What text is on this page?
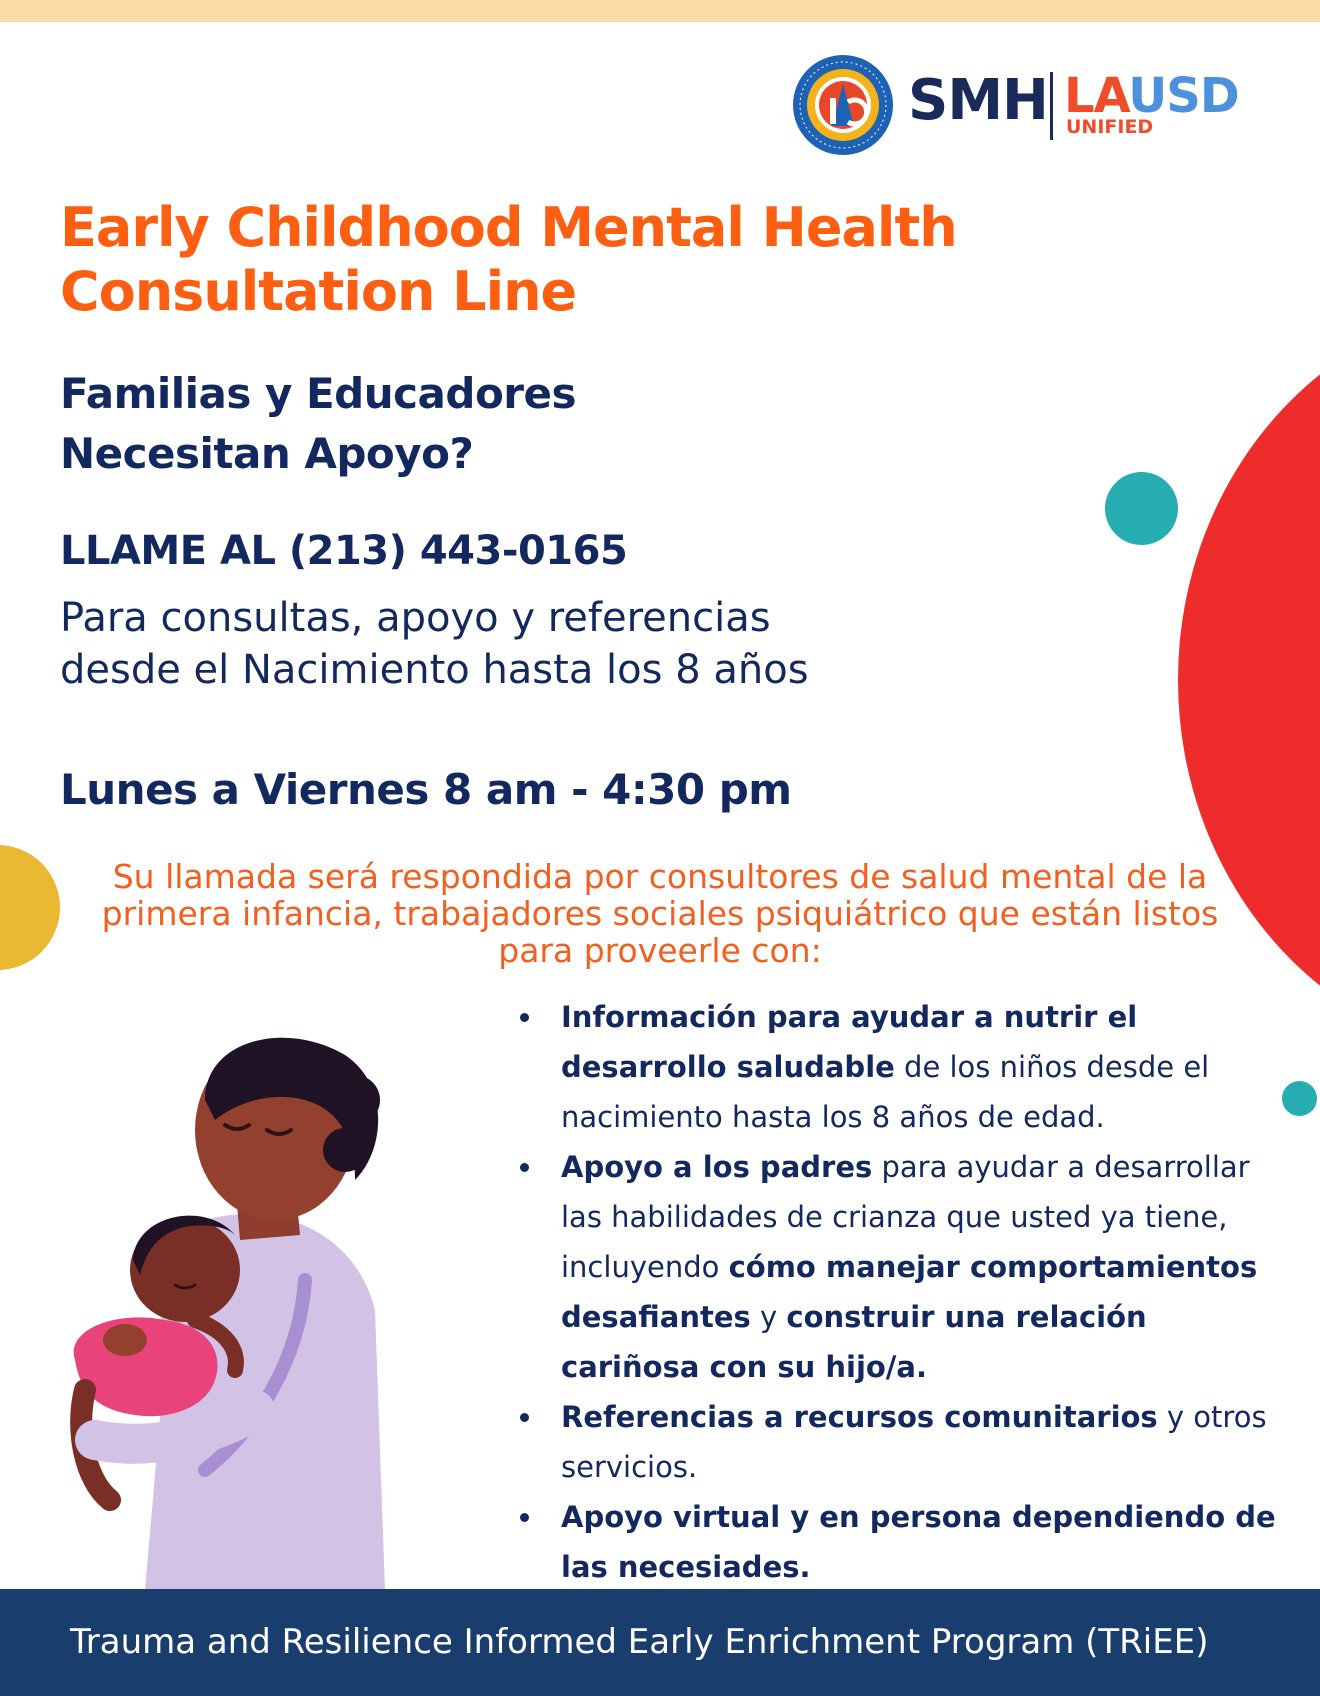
SMH LAUSD
UNIFIED
Early Childhood Mental Health Consultation Line
Familias y Educadores
Necesitan Apoyo?

LLAME AL (213) 443-0165

Para consultas, apoyo y referencias desde el Nacimiento hasta los 8 años

Lunes a Viernes 8 am - 4:30 pm

Su llamada será respondida por consultores de salud mental de la primera infancia, trabajadores sociales psiquiátrico que están listos para proveerle con:

Información para ayudar a nutrir el desarrollo saludable de los niños desde el nacimiento hasta los 8 años de edad.
Apoyo a los padres para ayudar a desarrollar las habilidades de crianza que usted ya tiene, incluyendo cómo manejar comportamientos desafiantes y construir una relación cariñosa con su hijo/a.
Referencias a recursos comunitarios y otros servicios.
Apoyo virtual y en persona dependiendo de las necesiades.

Trauma and Resilience Informed Early Enrichment Program (TRiEE)
